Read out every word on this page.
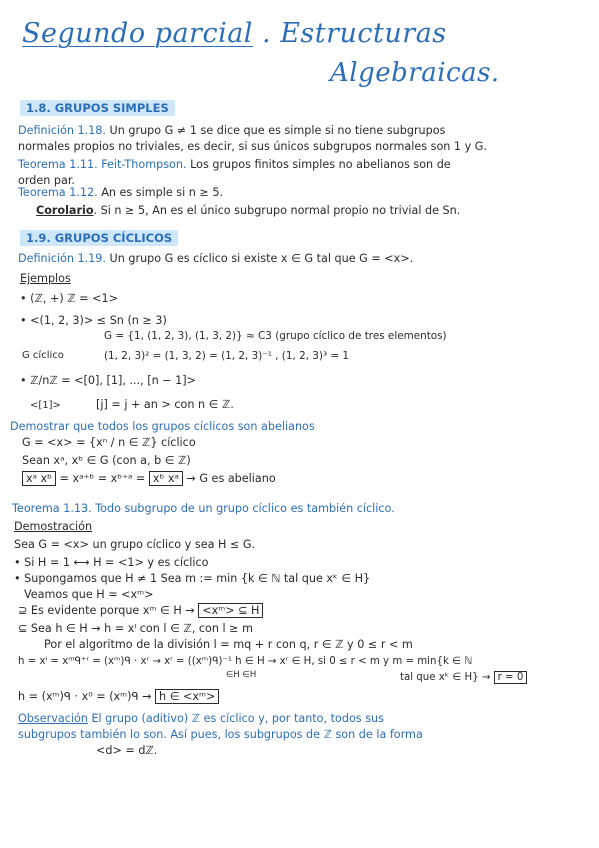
Segundo parcial . Estructuras
Algebraicas.
1.8. GRUPOS SIMPLES
Definición 1.18. Un grupo G ≠ 1 se dice que es simple si no tiene subgrupos
normales propios no triviales, es decir, si sus únicos subgrupos normales son 1 y G.
Teorema 1.11. Feit-Thompson. Los grupos finitos simples no abelianos son de
orden par.
Teorema 1.12. An es simple si n ≥ 5.
Corolario. Si n ≥ 5, An es el único subgrupo normal propio no trivial de Sn.
1.9. GRUPOS CÍCLICOS
Definición 1.19. Un grupo G es cíclico si existe x ∈ G tal que G = <x>.
Ejemplos
• (ℤ, +) ℤ = <1>
• <(1, 2, 3)> ≤ Sn (n ≥ 3)
G cíclico
G = {1, (1, 2, 3), (1, 3, 2)} ≈ C3 (grupo cíclico de tres elementos)
(1, 2, 3)² = (1, 3, 2) = (1, 2, 3)⁻¹ , (1, 2, 3)³ = 1
• ℤ/nℤ = <[0], [1], ..., [n − 1]>
<[1]>	[j] = j + an > con n ∈ ℤ.
Demostrar que todos los grupos cíclicos son abelianos
G = <x> = {xⁿ / n ∈ ℤ} cíclico
Sean xᵃ, xᵇ ∈ G (con a, b ∈ ℤ)
xᵃ xᵇ = xᵃ⁺ᵇ = xᵇ⁺ᵃ = xᵇ xᵃ → G es abeliano
Teorema 1.13. Todo subgrupo de un grupo cíclico es también cíclico.
Demostración
Sea G = <x> un grupo cíclico y sea H ≤ G.
• Si H = 1 ⟷ H = <1> y es cíclico
• Supongamos que H ≠ 1 Sea m := min {k ∈ ℕ tal que xᵏ ∈ H}
Veamos que H = <xᵐ>
⊇ Es evidente porque xᵐ ∈ H → <xᵐ> ⊆ H
⊆ Sea h ∈ H → h = xˡ con l ∈ ℤ, con l ≥ m
Por el algoritmo de la división l = mq + r con q, r ∈ ℤ y 0 ≤ r < m
h = xˡ = xᵐᑫ⁺ʳ = (xᵐ)ᑫ · xʳ → xʳ = ((xᵐ)ᑫ)⁻¹ h ∈ H → xʳ ∈ H, si 0 ≤ r < m y m = min{k ∈ ℕ
∈H ∈H	tal que xᵏ ∈ H} → r = 0
h = (xᵐ)ᑫ · x⁰ = (xᵐ)ᑫ → h ∈ <xᵐ>
Observación El grupo (aditivo) ℤ es cíclico y, por tanto, todos sus
subgrupos también lo son. Así pues, los subgrupos de ℤ son de la forma
<d> = dℤ.
